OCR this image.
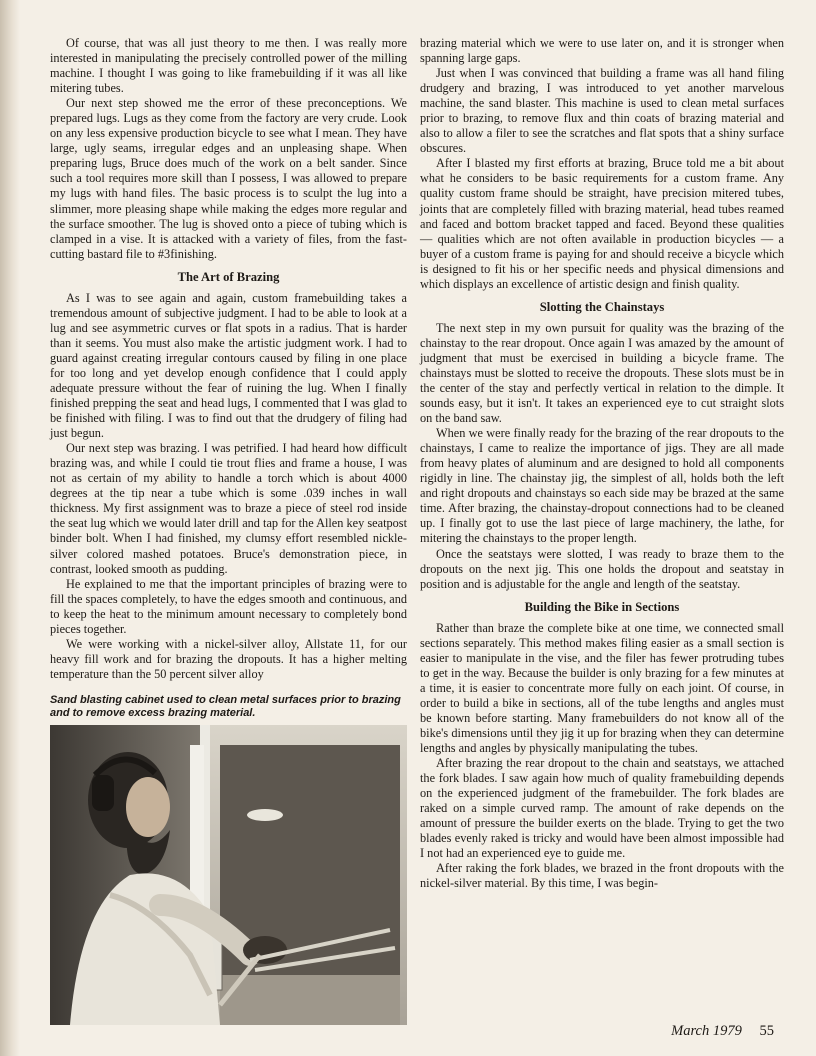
Of course, that was all just theory to me then. I was really more interested in manipulating the precisely controlled power of the milling machine. I thought I was going to like framebuilding if it was all like mitering tubes.

Our next step showed me the error of these preconceptions. We prepared lugs. Lugs as they come from the factory are very crude. Look on any less expensive production bicycle to see what I mean. They have large, ugly seams, irregular edges and an unpleasing shape. When preparing lugs, Bruce does much of the work on a belt sander. Since such a tool requires more skill than I possess, I was allowed to prepare my lugs with hand files. The basic process is to sculpt the lug into a slimmer, more pleasing shape while making the edges more regular and the surface smoother. The lug is shoved onto a piece of tubing which is clamped in a vise. It is attacked with a variety of files, from the fast-cutting bastard file to #3finishing.

The Art of Brazing

As I was to see again and again, custom framebuilding takes a tremendous amount of subjective judgment. I had to be able to look at a lug and see asymmetric curves or flat spots in a radius. That is harder than it seems. You must also make the artistic judgment work. I had to guard against creating irregular contours caused by filing in one place for too long and yet develop enough confidence that I could apply adequate pressure without the fear of ruining the lug. When I finally finished prepping the seat and head lugs, I commented that I was glad to be finished with filing. I was to find out that the drudgery of filing had just begun.

Our next step was brazing. I was petrified. I had heard how difficult brazing was, and while I could tie trout flies and frame a house, I was not as certain of my ability to handle a torch which is about 4000 degrees at the tip near a tube which is some .039 inches in wall thickness. My first assignment was to braze a piece of steel rod inside the seat lug which we would later drill and tap for the Allen key seatpost binder bolt. When I had finished, my clumsy effort resembled nickle-silver colored mashed potatoes. Bruce's demonstration piece, in contrast, looked smooth as pudding.

He explained to me that the important principles of brazing were to fill the spaces completely, to have the edges smooth and continuous, and to keep the heat to the minimum amount necessary to completely bond pieces together.

We were working with a nickel-silver alloy, Allstate 11, for our heavy fill work and for brazing the dropouts. It has a higher melting temperature than the 50 percent silver alloy

Sand blasting cabinet used to clean metal surfaces prior to brazing and to remove excess brazing material.

brazing material which we were to use later on, and it is stronger when spanning large gaps.

Just when I was convinced that building a frame was all hand filing drudgery and brazing, I was introduced to yet another marvelous machine, the sand blaster. This machine is used to clean metal surfaces prior to brazing, to remove flux and thin coats of brazing material and also to allow a filer to see the scratches and flat spots that a shiny surface obscures.

After I blasted my first efforts at brazing, Bruce told me a bit about what he considers to be basic requirements for a custom frame. Any quality custom frame should be straight, have precision mitered tubes, joints that are completely filled with brazing material, head tubes reamed and faced and bottom bracket tapped and faced. Beyond these qualities — qualities which are not often available in production bicycles — a buyer of a custom frame is paying for and should receive a bicycle which is designed to fit his or her specific needs and physical dimensions and which displays an excellence of artistic design and finish quality.

Slotting the Chainstays

The next step in my own pursuit for quality was the brazing of the chainstay to the rear dropout. Once again I was amazed by the amount of judgment that must be exercised in building a bicycle frame. The chainstays must be slotted to receive the dropouts. These slots must be in the center of the stay and perfectly vertical in relation to the dimple. It sounds easy, but it isn't. It takes an experienced eye to cut straight slots on the band saw.

When we were finally ready for the brazing of the rear dropouts to the chainstays, I came to realize the importance of jigs. They are all made from heavy plates of aluminum and are designed to hold all components rigidly in line. The chainstay jig, the simplest of all, holds both the left and right dropouts and chainstays so each side may be brazed at the same time. After brazing, the chainstay-dropout connections had to be cleaned up. I finally got to use the last piece of large machinery, the lathe, for mitering the chainstays to the proper length.

Once the seatstays were slotted, I was ready to braze them to the dropouts on the next jig. This one holds the dropout and seatstay in position and is adjustable for the angle and length of the seatstay.

Building the Bike in Sections

Rather than braze the complete bike at one time, we connected small sections separately. This method makes filing easier as a small section is easier to manipulate in the vise, and the filer has fewer protruding tubes to get in the way. Because the builder is only brazing for a few minutes at a time, it is easier to concentrate more fully on each joint. Of course, in order to build a bike in sections, all of the tube lengths and angles must be known before starting. Many framebuilders do not know all of the bike's dimensions until they jig it up for brazing when they can determine lengths and angles by physically manipulating the tubes.

After brazing the rear dropout to the chain and seatstays, we attached the fork blades. I saw again how much of quality framebuilding depends on the experienced judgment of the framebuilder. The fork blades are raked on a simple curved ramp. The amount of rake depends on the amount of pressure the builder exerts on the blade. Trying to get the two blades evenly raked is tricky and would have been almost impossible had I not had an experienced eye to guide me.

After raking the fork blades, we brazed in the front dropouts with the nickel-silver material. By this time, I was begin-

March 1979 55
